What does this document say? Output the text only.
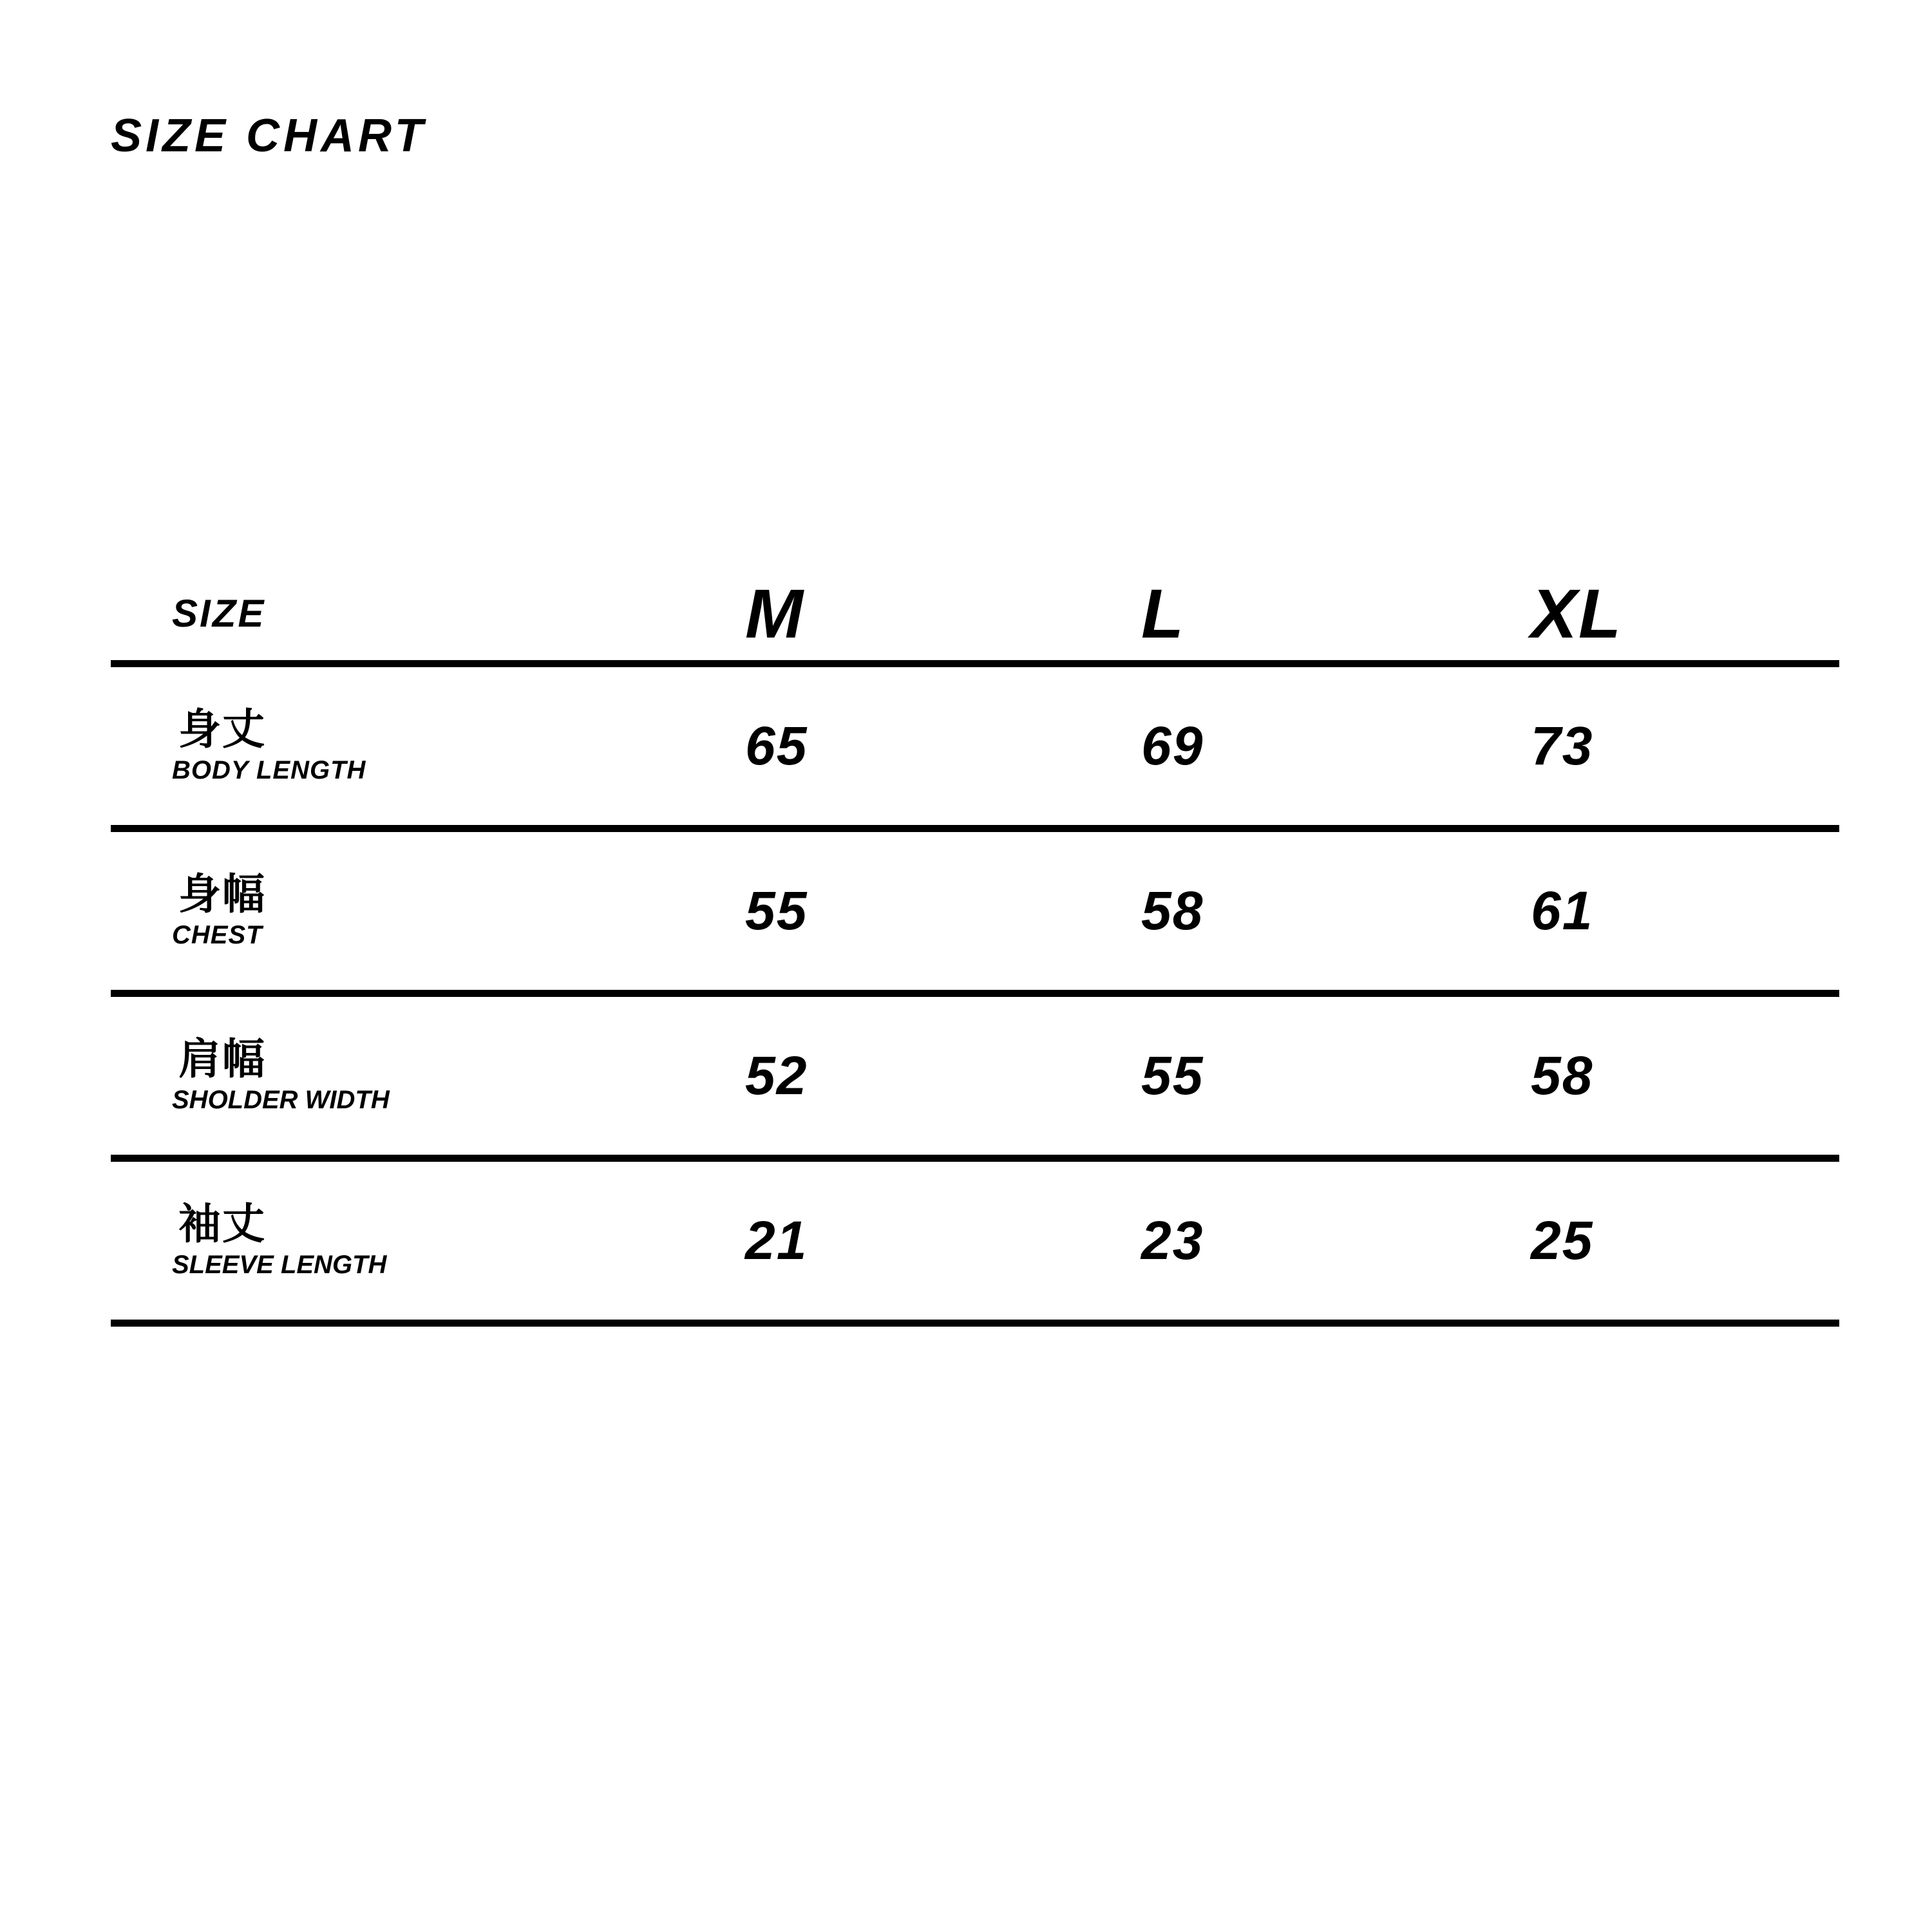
SIZE CHART
SIZE	M	L	XL
身丈
BODY LENGTH	65	69	73
身幅
CHEST	55	58	61
肩幅
SHOLDER WIDTH	52	55	58
袖丈
SLEEVE LENGTH	21	23	25
